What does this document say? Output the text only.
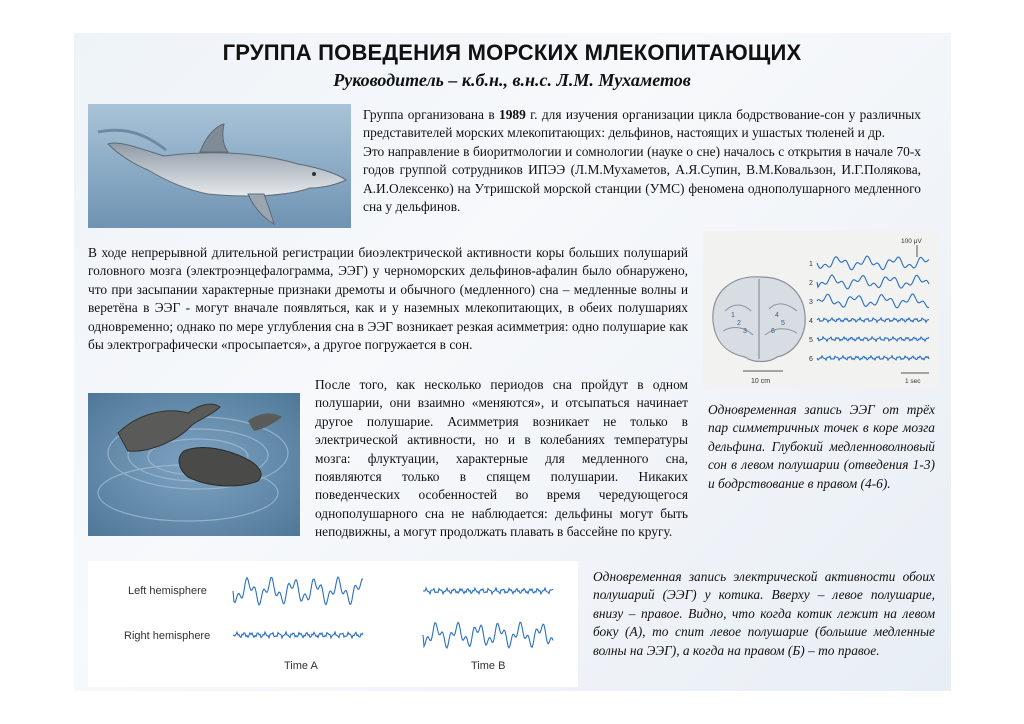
ГРУППА ПОВЕДЕНИЯ МОРСКИХ МЛЕКОПИТАЮЩИХ
Руководитель – к.б.н., в.н.с. Л.М. Мухаметов
Группа организована в 1989 г. для изучения организации цикла бодрствование-сон у различных представителей морских млекопитающих: дельфинов, настоящих и ушастых тюленей и др.
Это направление в биоритмологии и сомнологии (науке о сне) началось с открытия в начале 70-х годов группой сотрудников ИПЭЭ (Л.М.Мухаметов, А.Я.Супин, В.М.Ковальзон, И.Г.Полякова, А.И.Олексенко) на Утришской морской станции (УМС) феномена однополушарного медленного сна у дельфинов.

В ходе непрерывной длительной регистрации биоэлектрической активности коры больших полушарий головного мозга (электроэнцефалограмма, ЭЭГ) у черноморских дельфинов-афалин было обнаружено, что при засыпании характерные признаки дремоты и обычного (медленного) сна – медленные волны и веретёна в ЭЭГ - могут вначале появляться, как и у наземных млекопитающих, в обеих полушариях одновременно; однако по мере углубления сна в ЭЭГ возникает резкая асимметрия: одно полушарие как бы электрографически «просыпается», а другое погружается в сон.

1
2
3
4
5
6
10 cm
100 μV
1 sec
1
2
3
4
5
6

Одновременная запись ЭЭГ от трёх пар симметричных точек в коре мозга дельфина. Глубокий медленноволновый сон в левом полушарии (отведения 1-3) и бодрствование в правом (4-6).

После того, как несколько периодов сна пройдут в одном полушарии, они взаимно «меняются», и отсыпаться начинает другое полушарие. Асимметрия возникает не только в электрической активности, но и в колебаниях температуры мозга: флуктуации, характерные для медленного сна, появляются только в спящем полушарии. Никаких поведенческих особенностей во время чередующегося однополушарного сна не наблюдается: дельфины могут быть неподвижны, а могут продолжать плавать в бассейне по кругу.

Left hemisphere
Right hemisphere
Time A	Time B

Одновременная запись электрической активности обоих полушарий (ЭЭГ) у котика. Вверху – левое полушарие, внизу – правое. Видно, что когда котик лежит на левом боку (А), то спит левое полушарие (большие медленные волны на ЭЭГ), а когда на правом (Б) – то правое.
